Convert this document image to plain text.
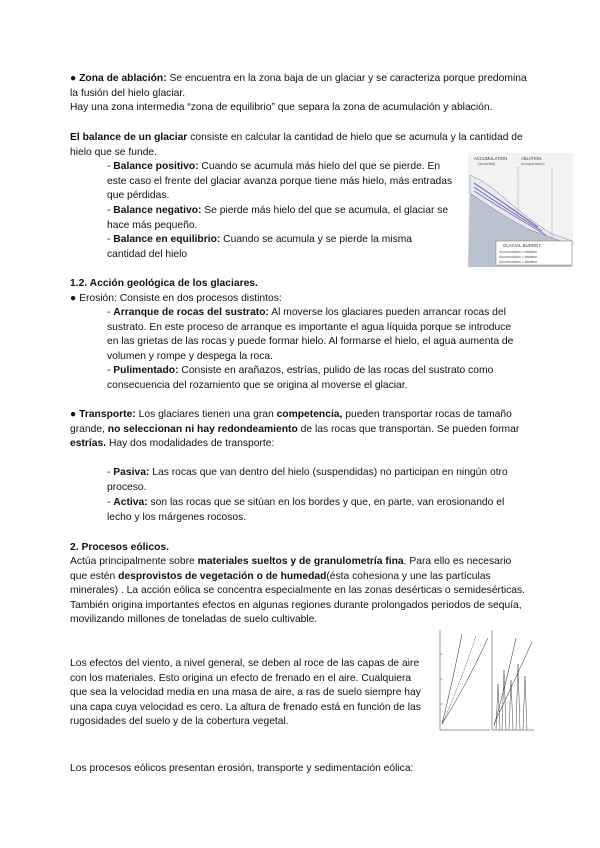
● Zona de ablación: Se encuentra en la zona baja de un glaciar y se caracteriza porque predomina la fusión del hielo glaciar.

Hay una zona intermedia “zona de equilibrio” que separa la zona de acumulación y ablación.

El balance de un glaciar consiste en calcular la cantidad de hielo que se acumula y la cantidad de hielo que se funde.

- Balance positivo: Cuando se acumula más hielo del que se pierde. En este caso el frente del glaciar avanza porque tiene más hielo, más entradas que pérdidas.

- Balance negativo: Se pierde más hielo del que se acumula, el glaciar se hace más pequeño.

- Balance en equilibrio: Cuando se acumula y se pierde la misma cantidad del hielo

ACCUMULATION
(snowfall)
ABLATION
(evaporation)
GLACIAL BUDGET
Accumulation > ablation
Accumulation = ablation
Accumulation < ablation

1.2. Acción geológica de los glaciares.

● Erosión: Consiste en dos procesos distintos:

- Arranque de rocas del sustrato: Al moverse los glaciares pueden arrancar rocas del sustrato. En este proceso de arranque es importante el agua líquida porque se introduce en las grietas de las rocas y puede formar hielo. Al formarse el hielo, el agua aumenta de volumen y rompe y despega la roca.

- Pulimentado: Consiste en arañazos, estrías, pulido de las rocas del sustrato como consecuencia del rozamiento que se origina al moverse el glaciar.

● Transporte: Los glaciares tienen una gran competencia, pueden transportar rocas de tamaño grande, no seleccionan ni hay redondeamiento de las rocas que transportan. Se pueden formar estrías. Hay dos modalidades de transporte:

- Pasiva: Las rocas que van dentro del hielo (suspendidas) no participan en ningún otro proceso.

- Activa: son las rocas que se sitúan en los bordes y que, en parte, van erosionando el lecho y los márgenes rocosos.

2. Procesos eólicos.

Actúa principalmente sobre materiales sueltos y de granulometría fina. Para ello es necesario que estén desprovistos de vegetación o de humedad(ésta cohesiona y une las partículas minerales) . La acción eólica se concentra especialmente en las zonas desérticas o semidesérticas. También origina importantes efectos en algunas regiones durante prolongados periodos de sequía, movilizando millones de toneladas de suelo cultivable.

Los efectos del viento, a nivel general, se deben al roce de las capas de aire con los materiales. Esto origina un efecto de frenado en el aire. Cualquiera que sea la velocidad media en una masa de aire, a ras de suelo siempre hay una capa cuya velocidad es cero. La altura de frenado está en función de las rugosidades del suelo y de la cobertura vegetal.

Los procesos eólicos presentan erosión, transporte y sedimentación eólica:
